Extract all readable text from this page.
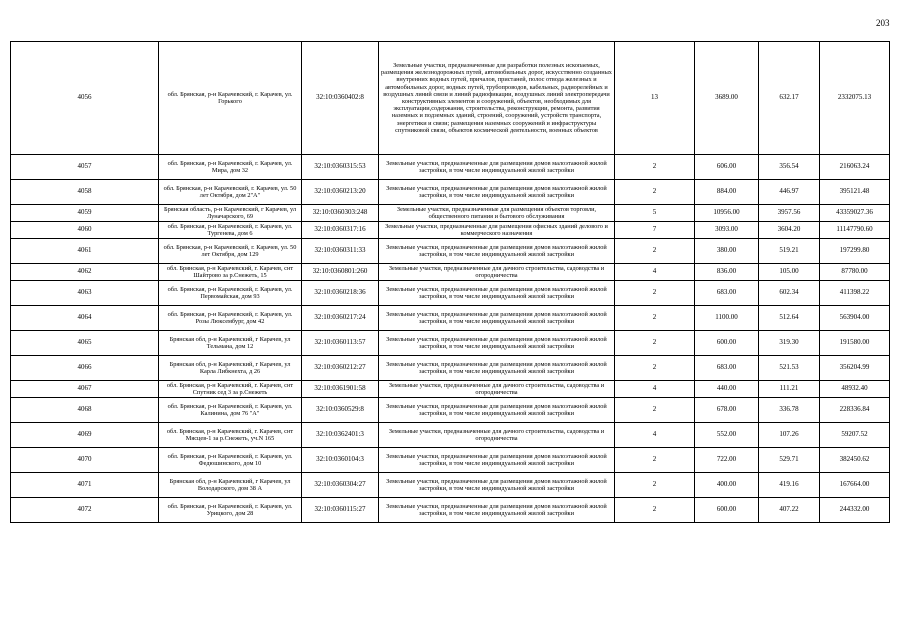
203
4056	обл. Брянская, р-н Карачевский, г. Карачев, ул. Горького	32:10:0360402:8	Земельные участки, предназначенные для разработки полезных ископаемых, размещения железнодорожных путей, автомобильных дорог, искусственно созданных внутренних водных путей, причалов, пристаней, полос отвода железных и автомобильных дорог, водных путей, трубопроводов, кабельных, радиорелейных и воздушных линий связи и линий радиофикации, воздушных линий электропередачи конструктивных элементов и сооружений, объектов, необходимых для эксплуатации,содержания, строительства, реконструкции, ремонта, развития наземных и подземных зданий, строений, сооружений, устройств транспорта, энергетики и связи; размещения наземных сооружений и инфраструктуры спутниковой связи, объектов космической деятельности, военных объектов	13	3689.00	632.17	2332075.13
4057	обл. Брянская, р-н Карачевский, г. Карачев, ул. Мира, дом 32	32:10:0360315:53	Земельные участки, предназначенные для размещения домов малоэтажной жилой застройки, в том числе индивидуальной жилой застройки	2	606.00	356.54	216063.24
4058	обл. Брянская, р-н Карачевский, г. Карачев, ул. 50 лет Октября, дом 2"А"	32:10:0360213:20	Земельные участки, предназначенные для размещения домов малоэтажной жилой застройки, в том числе индивидуальной жилой застройки	2	884.00	446.97	395121.48
4059	Брянская область, р-н Карачевский, г Карачев, ул Луначарского, 69	32:10:0360303:248	Земельные участки, предназначенные для размещения объектов торговли, общественного питания и бытового обслуживания	5	10956.00	3957.56	43359027.36
4060	обл. Брянская, р-н Карачевский, г. Карачев, ул. Тургенева, дом 6	32:10:0360317:16	Земельные участки, предназначенные для размещения офисных зданий делового и коммерческого назначения	7	3093.00	3604.20	11147790.60
4061	обл. Брянская, р-н Карачевский, г. Карачев, ул. 50 лет Октября, дом 129	32:10:0360311:33	Земельные участки, предназначенные для размещения домов малоэтажной жилой застройки, в том числе индивидуальной жилой застройки	2	380.00	519.21	197299.80
4062	обл. Брянская, р-н Карачевский, г. Карачев, снт Шайтрово за р.Снежеть, 15	32:10:0360801:260	Земельные участки, предназначенные для дачного строительства, садоводства и огородничества	4	836.00	105.00	87780.00
4063	обл. Брянская, р-н Карачевский, г. Карачев, ул. Первомайская, дом 93	32:10:0360218:36	Земельные участки, предназначенные для размещения домов малоэтажной жилой застройки, в том числе индивидуальной жилой застройки	2	683.00	602.34	411398.22
4064	обл. Брянская, р-н Карачевский, г. Карачев, ул. Розы Люксембург, дом 42	32:10:0360217:24	Земельные участки, предназначенные для размещения домов малоэтажной жилой застройки, в том числе индивидуальной жилой застройки	2	1100.00	512.64	563904.00
4065	Брянская обл, р-н Карачевский, г Карачев, ул Тельмана, дом 12	32:10:0360113:57	Земельные участки, предназначенные для размещения домов малоэтажной жилой застройки, в том числе индивидуальной жилой застройки	2	600.00	319.30	191580.00
4066	Брянская обл, р-н Карачевский, г Карачев, ул Карла Либкнехта, д 26	32:10:0360212:27	Земельные участки, предназначенные для размещения домов малоэтажной жилой застройки, в том числе индивидуальной жилой застройки	2	683.00	521.53	356204.99
4067	обл. Брянская, р-н Карачевский, г. Карачев, снт Спутник сед 3 за р.Снежеть	32:10:0361901:58	Земельные участки, предназначенные для дачного строительства, садоводства и огородничества	4	440.00	111.21	48932.40
4068	обл. Брянская, р-н Карачевский, г. Карачев, ул. Калинина, дом 76 "А"	32:10:0360529:8	Земельные участки, предназначенные для размещения домов малоэтажной жилой застройки, в том числе индивидуальной жилой застройки	2	678.00	336.78	228336.84
4069	обл. Брянская, р-н Карачевский, г. Карачев, снт Мясцев-1 за р.Снежеть, уч.N 165	32:10:0362401:3	Земельные участки, предназначенные для дачного строительства, садоводства и огородничества	4	552.00	107.26	59207.52
4070	обл. Брянская, р-н Карачевский, г. Карачев, ул. Федюшинского, дом 10	32:10:0360104:3	Земельные участки, предназначенные для размещения домов малоэтажной жилой застройки, в том числе индивидуальной жилой застройки	2	722.00	529.71	382450.62
4071	Брянская обл, р-н Карачевский, г Карачев, ул Володарского, дом 38 А	32:10:0360304:27	Земельные участки, предназначенные для размещения домов малоэтажной жилой застройки, в том числе индивидуальной жилой застройки	2	400.00	419.16	167664.00
4072	обл. Брянская, р-н Карачевский, г. Карачев, ул. Урицкого, дом 28	32:10:0360115:27	Земельные участки, предназначенные для размещения домов малоэтажной жилой застройки, в том числе индивидуальной жилой застройки	2	600.00	407.22	244332.00
